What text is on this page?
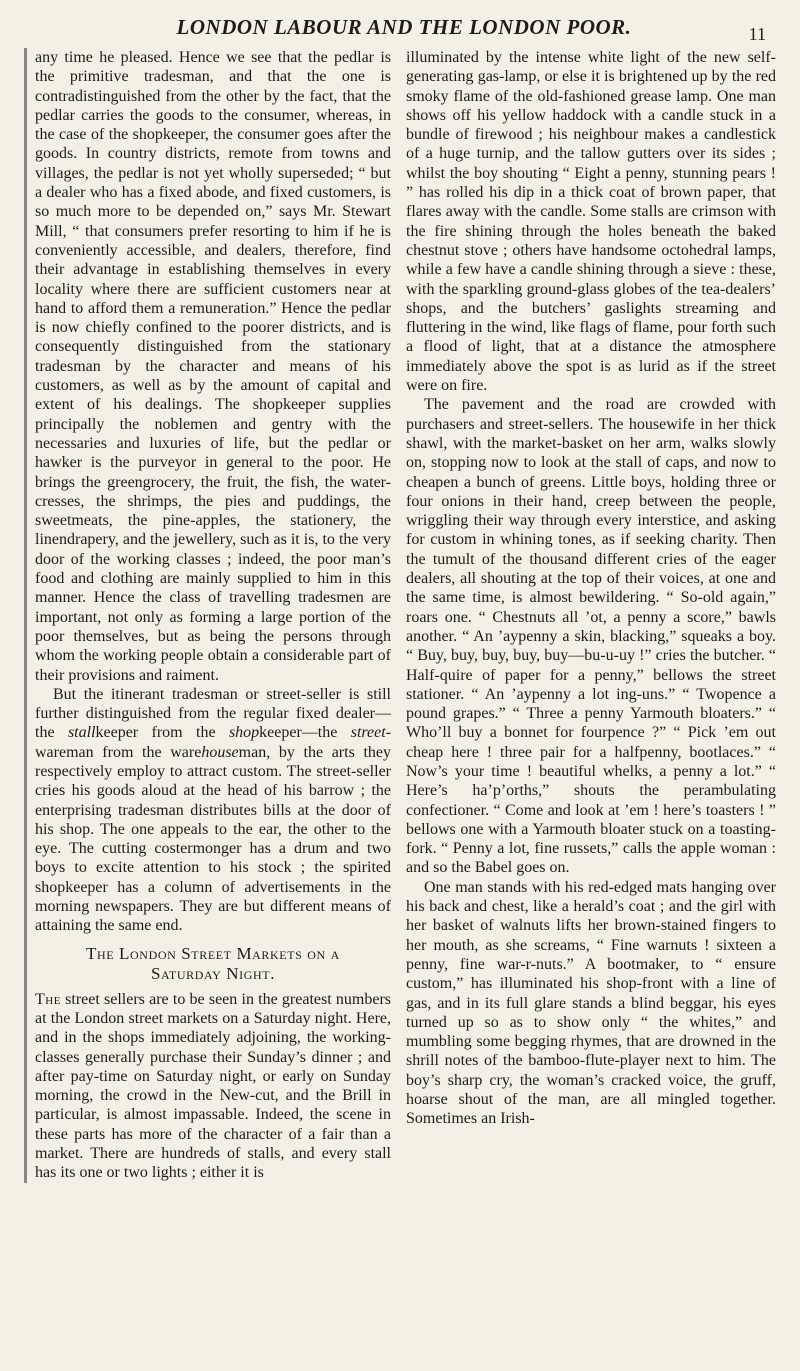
LONDON LABOUR AND THE LONDON POOR.	11

any time he pleased. Hence we see that the pedlar is the primitive tradesman, and that the one is contradistinguished from the other by the fact, that the pedlar carries the goods to the consumer, whereas, in the case of the shopkeeper, the consumer goes after the goods. In country districts, remote from towns and villages, the pedlar is not yet wholly superseded; “ but a dealer who has a fixed abode, and fixed customers, is so much more to be depended on,” says Mr. Stewart Mill, “ that consumers prefer resorting to him if he is conveniently accessible, and dealers, therefore, find their advantage in establishing themselves in every locality where there are sufficient customers near at hand to afford them a remuneration.” Hence the pedlar is now chiefly confined to the poorer districts, and is consequently distinguished from the stationary tradesman by the character and means of his customers, as well as by the amount of capital and extent of his dealings. The shopkeeper supplies principally the noblemen and gentry with the necessaries and luxuries of life, but the pedlar or hawker is the purveyor in general to the poor. He brings the greengrocery, the fruit, the fish, the water-cresses, the shrimps, the pies and puddings, the sweetmeats, the pine-apples, the stationery, the linendrapery, and the jewellery, such as it is, to the very door of the working classes ; indeed, the poor man’s food and clothing are mainly supplied to him in this manner. Hence the class of travelling tradesmen are important, not only as forming a large portion of the poor themselves, but as being the persons through whom the working people obtain a considerable part of their provisions and raiment.

But the itinerant tradesman or street-seller is still further distinguished from the regular fixed dealer—the stallkeeper from the shopkeeper—the street-wareman from the warehouseman, by the arts they respectively employ to attract custom. The street-seller cries his goods aloud at the head of his barrow ; the enterprising tradesman distributes bills at the door of his shop. The one appeals to the ear, the other to the eye. The cutting costermonger has a drum and two boys to excite attention to his stock ; the spirited shopkeeper has a column of advertisements in the morning newspapers. They are but different means of attaining the same end.

The London Street Markets on a
Saturday Night.

The street sellers are to be seen in the greatest numbers at the London street markets on a Saturday night. Here, and in the shops immediately adjoining, the working-classes generally purchase their Sunday’s dinner ; and after pay-time on Saturday night, or early on Sunday morning, the crowd in the New-cut, and the Brill in particular, is almost impassable. Indeed, the scene in these parts has more of the character of a fair than a market. There are hundreds of stalls, and every stall has its one or two lights ; either it is

illuminated by the intense white light of the new self-generating gas-lamp, or else it is brightened up by the red smoky flame of the old-fashioned grease lamp. One man shows off his yellow haddock with a candle stuck in a bundle of firewood ; his neighbour makes a candlestick of a huge turnip, and the tallow gutters over its sides ; whilst the boy shouting “ Eight a penny, stunning pears ! ” has rolled his dip in a thick coat of brown paper, that flares away with the candle. Some stalls are crimson with the fire shining through the holes beneath the baked chestnut stove ; others have handsome octohedral lamps, while a few have a candle shining through a sieve : these, with the sparkling ground-glass globes of the tea-dealers’ shops, and the butchers’ gaslights streaming and fluttering in the wind, like flags of flame, pour forth such a flood of light, that at a distance the atmosphere immediately above the spot is as lurid as if the street were on fire.

The pavement and the road are crowded with purchasers and street-sellers. The housewife in her thick shawl, with the market-basket on her arm, walks slowly on, stopping now to look at the stall of caps, and now to cheapen a bunch of greens. Little boys, holding three or four onions in their hand, creep between the people, wriggling their way through every interstice, and asking for custom in whining tones, as if seeking charity. Then the tumult of the thousand different cries of the eager dealers, all shouting at the top of their voices, at one and the same time, is almost bewildering. “ So-old again,” roars one. “ Chestnuts all ’ot, a penny a score,” bawls another. “ An ’aypenny a skin, blacking,” squeaks a boy. “ Buy, buy, buy, buy, buy—bu-u-uy !” cries the butcher. “ Half-quire of paper for a penny,” bellows the street stationer. “ An ’aypenny a lot ing-uns.” “ Twopence a pound grapes.” “ Three a penny Yarmouth bloaters.” “ Who’ll buy a bonnet for fourpence ?” “ Pick ’em out cheap here ! three pair for a halfpenny, bootlaces.” “ Now’s your time ! beautiful whelks, a penny a lot.” “ Here’s ha’p’orths,” shouts the perambulating confectioner. “ Come and look at ’em ! here’s toasters ! ” bellows one with a Yarmouth bloater stuck on a toasting-fork. “ Penny a lot, fine russets,” calls the apple woman : and so the Babel goes on.

One man stands with his red-edged mats hanging over his back and chest, like a herald’s coat ; and the girl with her basket of walnuts lifts her brown-stained fingers to her mouth, as she screams, “ Fine warnuts ! sixteen a penny, fine war-r-nuts.” A bootmaker, to “ ensure custom,” has illuminated his shop-front with a line of gas, and in its full glare stands a blind beggar, his eyes turned up so as to show only “ the whites,” and mumbling some begging rhymes, that are drowned in the shrill notes of the bamboo-flute-player next to him. The boy’s sharp cry, the woman’s cracked voice, the gruff, hoarse shout of the man, are all mingled together. Sometimes an Irish-
